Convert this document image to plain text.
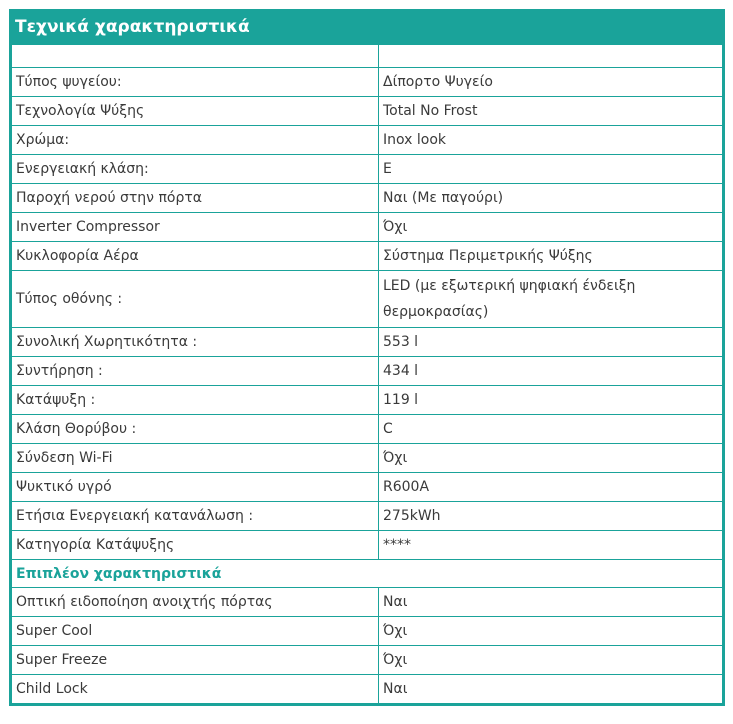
Τεχνικά χαρακτηριστικά

Τύπος ψυγείου:	Δίπορτο Ψυγείο
Τεχνολογία Ψύξης	Total No Frost
Χρώμα:	Inox look
Ενεργειακή κλάση:	E
Παροχή νερού στην πόρτα	Ναι (Με παγούρι)
Inverter Compressor	Όχι
Κυκλοφορία Αέρα	Σύστημα Περιμετρικής Ψύξης
Τύπος οθόνης :	LED (με εξωτερική ψηφιακή ένδειξη θερμοκρασίας)
Συνολική Χωρητικότητα :	553 l
Συντήρηση :	434 l
Κατάψυξη :	119 l
Κλάση Θορύβου :	C
Σύνδεση Wi-Fi	Όχι
Ψυκτικό υγρό	R600A
Ετήσια Ενεργειακή κατανάλωση :	275kWh
Κατηγορία Κατάψυξης	****
Επιπλέον χαρακτηριστικά	
Οπτική ειδοποίηση ανοιχτής πόρτας	Ναι
Super Cool	Όχι
Super Freeze	Όχι
Child Lock	Ναι
